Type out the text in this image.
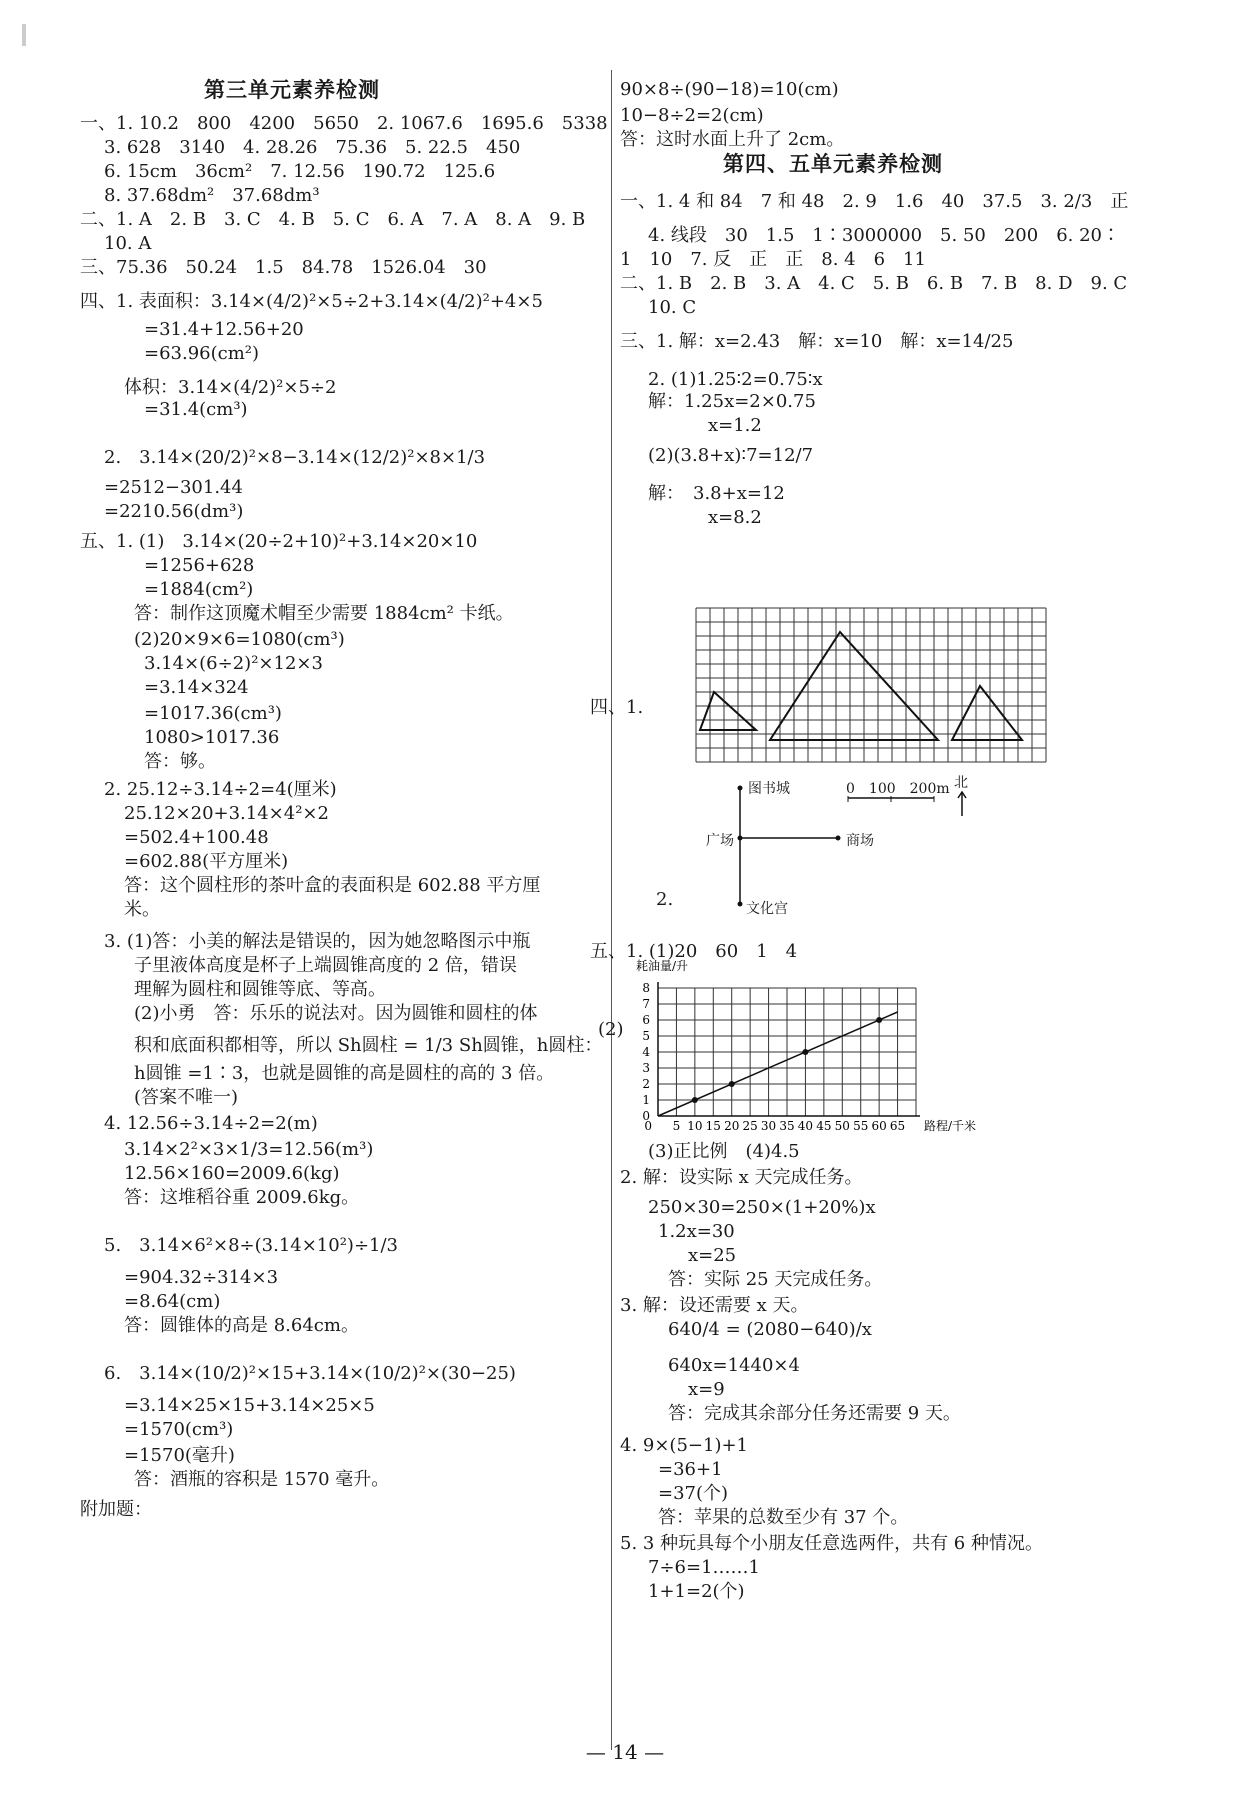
第三单元素养检测
一、1. 10.2　800　4200　5650　2. 1067.6　1695.6　5338
3. 628　3140　4. 28.26　75.36　5. 22.5　450
6. 15cm　36cm²　7. 12.56　190.72　125.6
8. 37.68dm²　37.68dm³
二、1. A　2. B　3. C　4. B　5. C　6. A　7. A　8. A　9. B
10. A
三、75.36　50.24　1.5　84.78　1526.04　30
四、1. 表面积：3.14×(4/2)²×5÷2+3.14×(4/2)²+4×5
=31.4+12.56+20
=63.96(cm²)
体积：3.14×(4/2)²×5÷2
=31.4(cm³)
2.　3.14×(20/2)²×8−3.14×(12/2)²×8×1/3
=2512−301.44
=2210.56(dm³)
五、1. (1)　3.14×(20÷2+10)²+3.14×20×10
=1256+628
=1884(cm²)
答：制作这顶魔术帽至少需要 1884cm² 卡纸。
(2)20×9×6=1080(cm³)
3.14×(6÷2)²×12×3
=3.14×324
=1017.36(cm³)
1080>1017.36
答：够。
2. 25.12÷3.14÷2=4(厘米)
25.12×20+3.14×4²×2
=502.4+100.48
=602.88(平方厘米)
答：这个圆柱形的茶叶盒的表面积是 602.88 平方厘
米。
3. (1)答：小美的解法是错误的，因为她忽略图示中瓶
子里液体高度是杯子上端圆锥高度的 2 倍，错误
理解为圆柱和圆锥等底、等高。
(2)小勇　答：乐乐的说法对。因为圆锥和圆柱的体
积和底面积都相等，所以 Sh圆柱 = 1/3 Sh圆锥，h圆柱：
h圆锥 =1∶3，也就是圆锥的高是圆柱的高的 3 倍。
(答案不唯一)
4. 12.56÷3.14÷2=2(m)
3.14×2²×3×1/3=12.56(m³)
12.56×160=2009.6(kg)
答：这堆稻谷重 2009.6kg。
5.　3.14×6²×8÷(3.14×10²)÷1/3
=904.32÷314×3
=8.64(cm)
答：圆锥体的高是 8.64cm。
6.　3.14×(10/2)²×15+3.14×(10/2)²×(30−25)
=3.14×25×15+3.14×25×5
=1570(cm³)
=1570(毫升)
答：酒瓶的容积是 1570 毫升。
附加题：
90×8÷(90−18)=10(cm)
10−8÷2=2(cm)
答：这时水面上升了 2cm。
第四、五单元素养检测
一、1. 4 和 84　7 和 48　2. 9　1.6　40　37.5　3. 2/3　正
4. 线段　30　1.5　1∶3000000　5. 50　200　6. 20∶
1　10　7. 反　正　正　8. 4　6　11
二、1. B　2. B　3. A　4. C　5. B　6. B　7. B　8. D　9. C
10. C
三、1. 解：x=2.43　解：x=10　解：x=14/25
2. (1)1.25∶2=0.75∶x
解：1.25x=2×0.75
x=1.2
(2)(3.8+x)∶7=12/7
解：　3.8+x=12
x=8.2
四、1.
2.
图书城
广场	商场
文化宫
0　100　200m 北
五、1. (1)20　60　1　4
(2)
0
1
2
3
4
5
6
7
8
5 10 15 20 25 30 35 40 45 50 55 60 65
0	路程/千米
耗油量/升
(3)正比例　(4)4.5
2. 解：设实际 x 天完成任务。
250×30=250×(1+20%)x
1.2x=30
x=25
答：实际 25 天完成任务。
3. 解：设还需要 x 天。
640/4 = (2080−640)/x
640x=1440×4
x=9
答：完成其余部分任务还需要 9 天。
4. 9×(5−1)+1
=36+1
=37(个)
答：苹果的总数至少有 37 个。
5. 3 种玩具每个小朋友任意选两件，共有 6 种情况。
7÷6=1……1
1+1=2(个)
— 14 —
